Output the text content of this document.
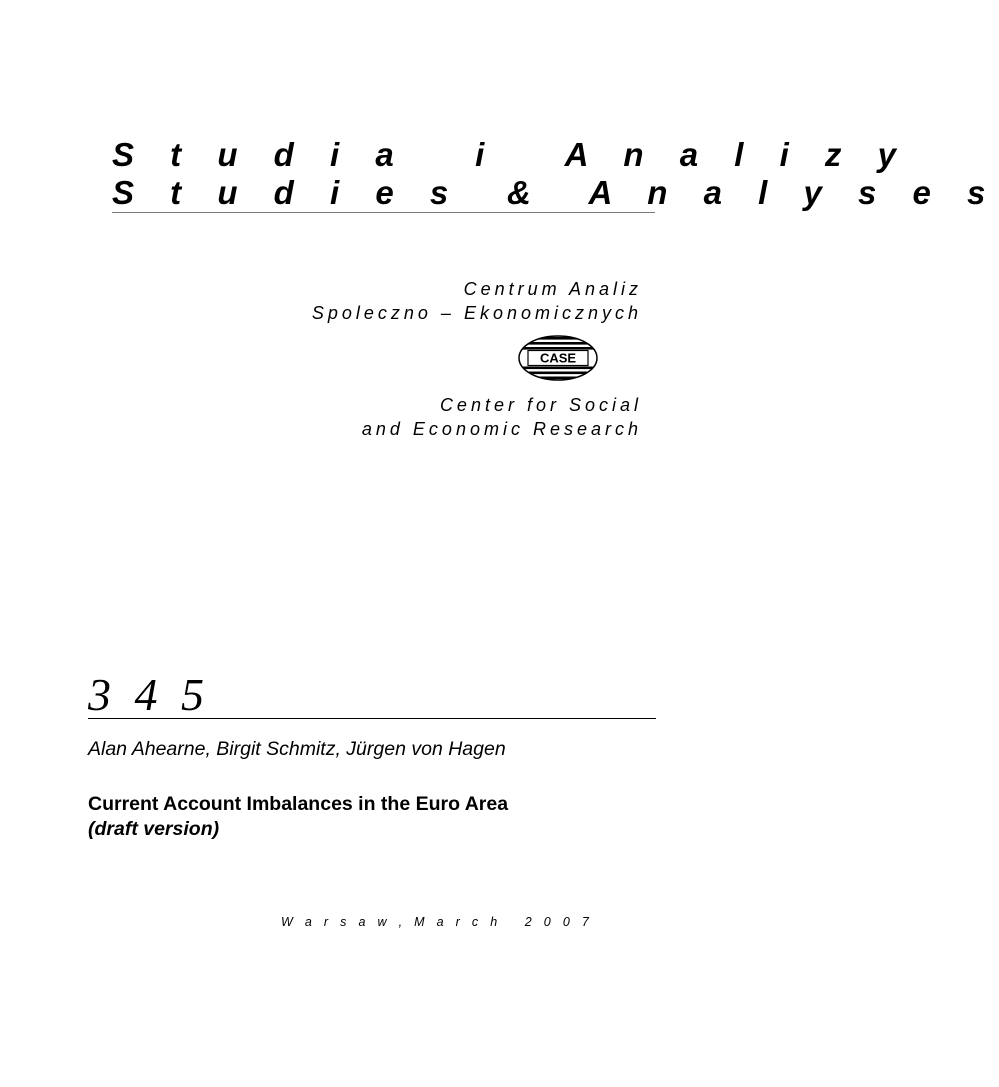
S t u d i a   i   A n a l i z y
S t u d i e s  &  A n a l y s e s
Centrum Analiz
Spoleczno – Ekonomicznych
CASE
Center for Social
and Economic Research
3 4 5
Alan Ahearne, Birgit Schmitz, Jürgen von Hagen
Current Account Imbalances in the Euro Area
(draft version)
W a r s a w , M a r c h   2 0 0 7
